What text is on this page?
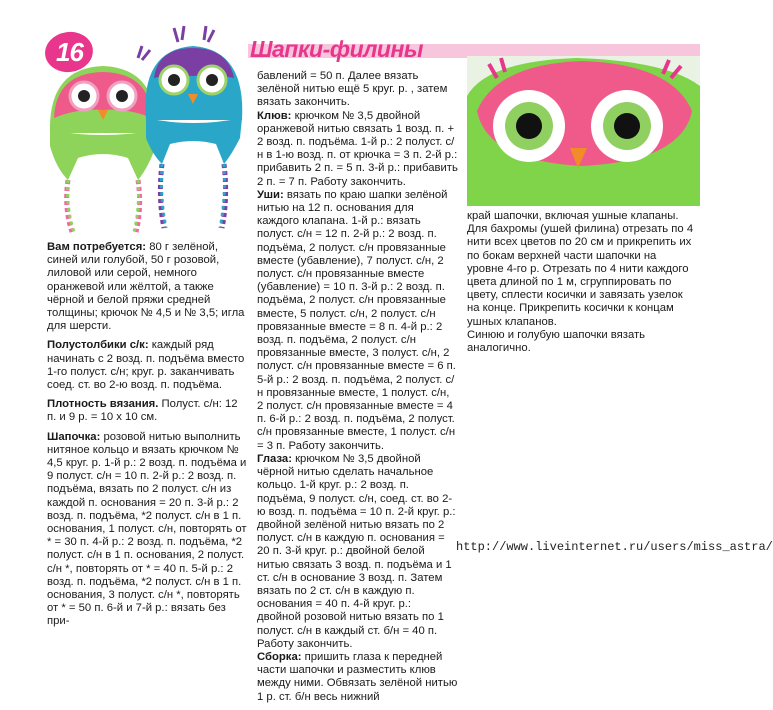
16	Шапки-филины

Вам потребуется: 80 г зелёной, синей или голубой, 50 г розовой, лиловой или серой, немного оранжевой или жёлтой, а также чёрной и белой пряжи средней толщины; крючок № 4,5 и № 3,5; игла для шерсти.

Полустолбики с/к: каждый ряд начинать с 2 возд. п. подъёма вместо 1-го полуст. с/н; круг. р. заканчивать соед. ст. во 2-ю возд. п. подъёма.

Плотность вязания. Полуст. с/н: 12 п. и 9 р. = 10 х 10 см.

Шапочка: розовой нитью выполнить нитяное кольцо и вязать крючком № 4,5 круг. р. 1-й р.: 2 возд. п. подъёма и 9 полуст. с/н = 10 п. 2-й р.: 2 возд. п. подъёма, вязать по 2 полуст. с/н из каждой п. основания = 20 п. 3-й р.: 2 возд. п. подъёма, *2 полуст. с/н в 1 п. основания, 1 полуст. с/н, повторять от * = 30 п. 4-й р.: 2 возд. п. подъёма, *2 полуст. с/н в 1 п. основания, 2 полуст. с/н *, повторять от * = 40 п. 5-й р.: 2 возд. п. подъёма, *2 полуст. с/н в 1 п. основания, 3 полуст. с/н *, повторять от * = 50 п. 6-й и 7-й р.: вязать без при-

бавлений = 50 п. Далее вязать зелёной нитью ещё 5 круг. р. , затем вязать закончить.

Клюв: крючком № 3,5 двойной оранжевой нитью связать 1 возд. п. + 2 возд. п. подъёма. 1-й р.: 2 полуст. с/н в 1-ю возд. п. от крючка = 3 п. 2-й р.: прибавить 2 п. = 5 п. 3-й р.: прибавить 2 п. = 7 п. Работу закончить.

Уши: вязать по краю шапки зелёной нитью на 12 п. основания для каждого клапана. 1-й р.: вязать полуст. с/н = 12 п. 2-й р.: 2 возд. п. подъёма, 2 полуст. с/н провязанные вместе (убавление), 7 полуст. с/н, 2 полуст. с/н провязанные вместе (убавление) = 10 п. 3-й р.: 2 возд. п. подъёма, 2 полуст. с/н провязанные вместе, 5 полуст. с/н, 2 полуст. с/н провязанные вместе = 8 п. 4-й р.: 2 возд. п. подъёма, 2 полуст. с/н провязанные вместе, 3 полуст. с/н, 2 полуст. с/н провязанные вместе = 6 п. 5-й р.: 2 возд. п. подъёма, 2 полуст. с/н провязанные вместе, 1 полуст. с/н, 2 полуст. с/н провязанные вместе = 4 п. 6-й р.: 2 возд. п. подъёма, 2 полуст. с/н провязанные вместе, 1 полуст. с/н = 3 п. Работу закончить.

Глаза: крючком № 3,5 двойной чёрной нитью сделать начальное кольцо. 1-й круг. р.: 2 возд. п. подъёма, 9 полуст. с/н, соед. ст. во 2-ю возд. п. подъёма = 10 п. 2-й круг. р.: двойной зелёной нитью вязать по 2 полуст. с/н в каждую п. основания = 20 п. 3-й круг. р.: двойной белой нитью связать 3 возд. п. подъёма и 1 ст. с/н в основание 3 возд. п. Затем вязать по 2 ст. с/н в каждую п. основания = 40 п. 4-й круг. р.: двойной розовой нитью вязать по 1 полуст. с/н в каждый ст. б/н = 40 п. Работу закончить.

Сборка: пришить глаза к передней части шапочки и разместить клюв между ними. Обвязать зелёной нитью 1 р. ст. б/н весь нижний

край шапочки, включая ушные клапаны. Для бахромы (ушей филина) отрезать по 4 нити всех цветов по 20 см и прикрепить их по бокам верхней части шапочки на уровне 4-го р. Отрезать по 4 нити каждого цвета длиной по 1 м, сгруппировать по цвету, сплести косички и завязать узелок на конце. Прикрепить косички к концам ушных клапанов.

Синюю и голубую шапочки вязать аналогично.

http://www.liveinternet.ru/users/miss_astra/
